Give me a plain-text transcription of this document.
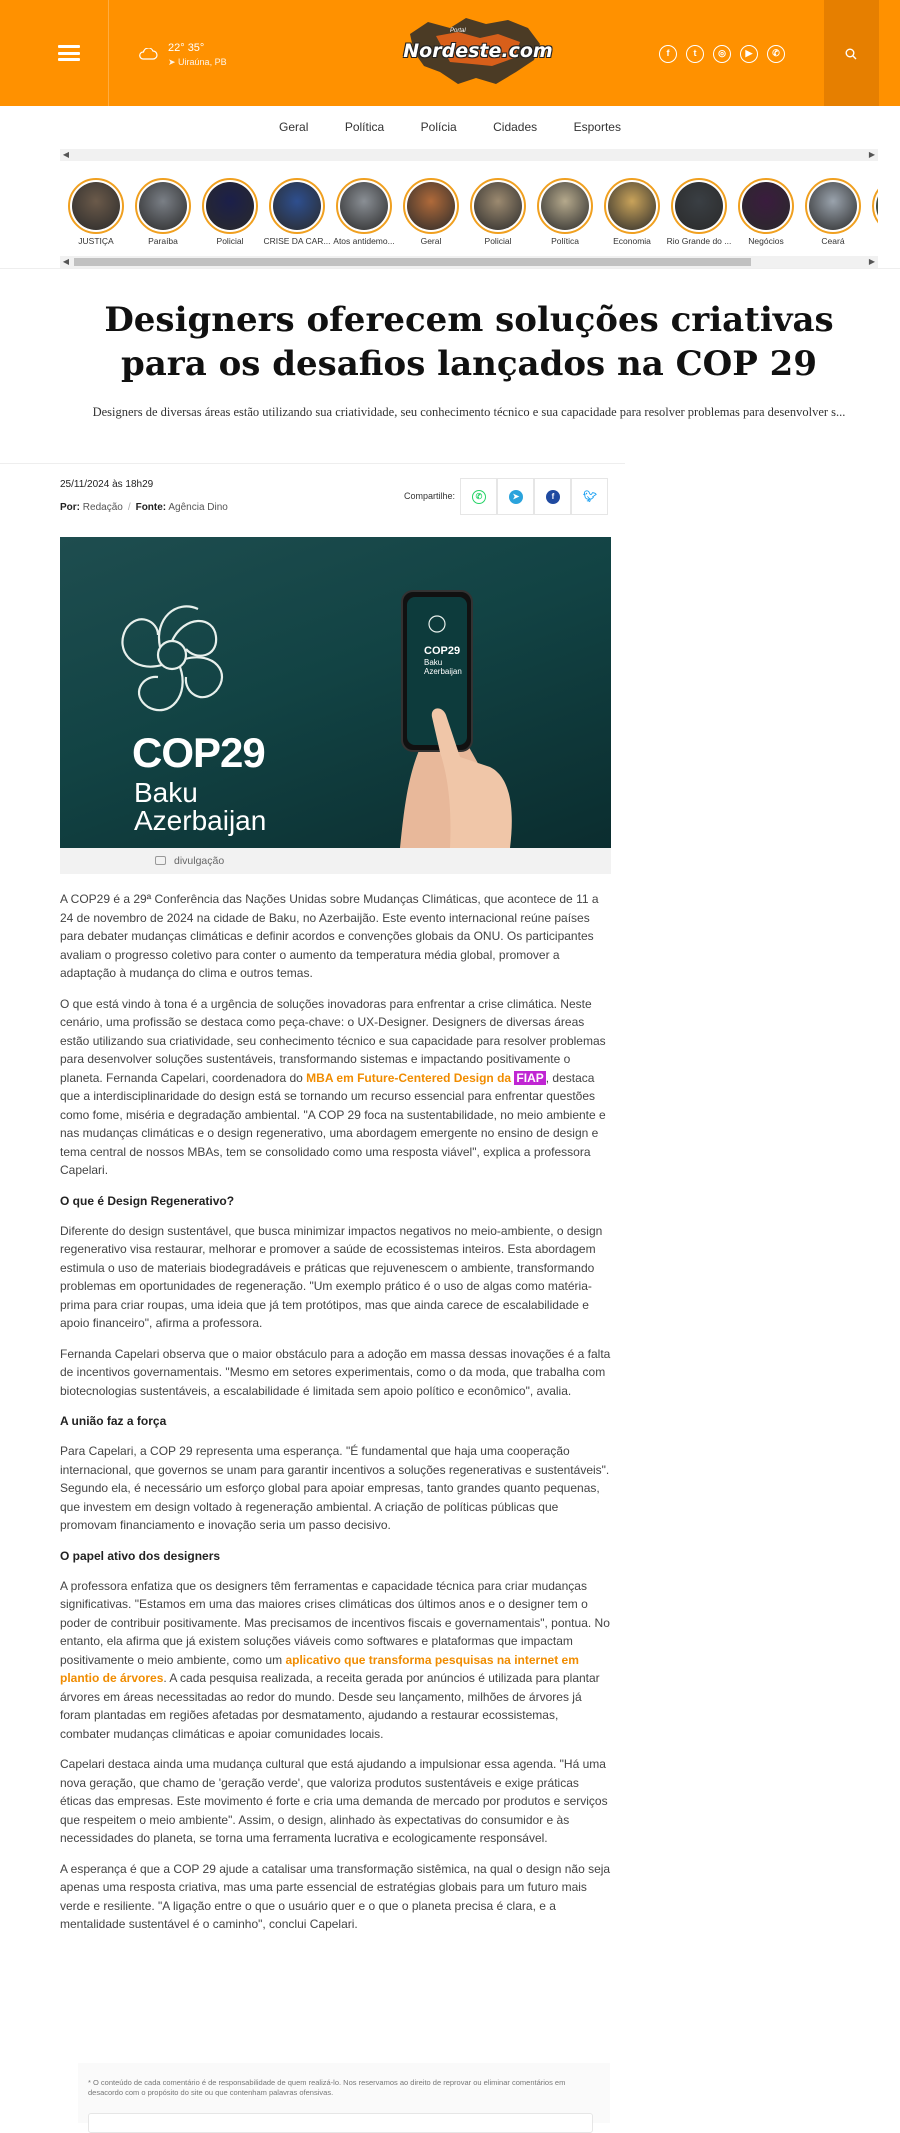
22° 35°
➤ Uiraúna, PB
Portal
Nordeste.com	f	t	◎	▶	✆
Geral	Política	Polícia	Cidades	Esportes
◀	▶
JUSTIÇA	Paraíba	Policial	CRISE DA CAR... Atos antidemo...	Geral	Policial	Política	Economia	Rio Grande do ...	Negócios	Ceará
◀	▶
Designers oferecem soluções criativas para os desafios lançados na COP 29
Designers de diversas áreas estão utilizando sua criatividade, seu conhecimento técnico e sua capacidade para resolver problemas para desenvolver s...
25/11/2024 às 18h29
Por: Redação / Fonte: Agência Dino
Compartilhe:	✆	➤	f	🐦︎
COP29
Baku
Azerbaijan
COP29
Baku
Azerbaijan
divulgação

A COP29 é a 29ª Conferência das Nações Unidas sobre Mudanças Climáticas, que acontece de 11 a 24 de novembro de 2024 na cidade de Baku, no Azerbaijão. Este evento internacional reúne países para debater mudanças climáticas e definir acordos e convenções globais da ONU. Os participantes avaliam o progresso coletivo para conter o aumento da temperatura média global, promover a adaptação à mudança do clima e outros temas.

O que está vindo à tona é a urgência de soluções inovadoras para enfrentar a crise climática. Neste cenário, uma profissão se destaca como peça-chave: o UX-Designer. Designers de diversas áreas estão utilizando sua criatividade, seu conhecimento técnico e sua capacidade para resolver problemas para desenvolver soluções sustentáveis, transformando sistemas e impactando positivamente o planeta. Fernanda Capelari, coordenadora do MBA em Future-Centered Design da FIAP , destaca que a interdisciplinaridade do design está se tornando um recurso essencial para enfrentar questões como fome, miséria e degradação ambiental. "A COP 29 foca na sustentabilidade, no meio ambiente e nas mudanças climáticas e o design regenerativo, uma abordagem emergente no ensino de design e tema central de nossos MBAs, tem se consolidado como uma resposta viável", explica a professora Capelari.

O que é Design Regenerativo?

Diferente do design sustentável, que busca minimizar impactos negativos no meio-ambiente, o design regenerativo visa restaurar, melhorar e promover a saúde de ecossistemas inteiros. Esta abordagem estimula o uso de materiais biodegradáveis e práticas que rejuvenescem o ambiente, transformando problemas em oportunidades de regeneração. "Um exemplo prático é o uso de algas como matéria-prima para criar roupas, uma ideia que já tem protótipos, mas que ainda carece de escalabilidade e apoio financeiro", afirma a professora.

Fernanda Capelari observa que o maior obstáculo para a adoção em massa dessas inovações é a falta de incentivos governamentais. "Mesmo em setores experimentais, como o da moda, que trabalha com biotecnologias sustentáveis, a escalabilidade é limitada sem apoio político e econômico", avalia.

A união faz a força

Para Capelari, a COP 29 representa uma esperança. "É fundamental que haja uma cooperação internacional, que governos se unam para garantir incentivos a soluções regenerativas e sustentáveis". Segundo ela, é necessário um esforço global para apoiar empresas, tanto grandes quanto pequenas, que investem em design voltado à regeneração ambiental. A criação de políticas públicas que promovam financiamento e inovação seria um passo decisivo.

O papel ativo dos designers

A professora enfatiza que os designers têm ferramentas e capacidade técnica para criar mudanças significativas. "Estamos em uma das maiores crises climáticas dos últimos anos e o designer tem o poder de contribuir positivamente. Mas precisamos de incentivos fiscais e governamentais", pontua. No entanto, ela afirma que já existem soluções viáveis como softwares e plataformas que impactam positivamente o meio ambiente, como um aplicativo que transforma pesquisas na internet em plantio de árvores. A cada pesquisa realizada, a receita gerada por anúncios é utilizada para plantar árvores em áreas necessitadas ao redor do mundo. Desde seu lançamento, milhões de árvores já foram plantadas em regiões afetadas por desmatamento, ajudando a restaurar ecossistemas, combater mudanças climáticas e apoiar comunidades locais.

Capelari destaca ainda uma mudança cultural que está ajudando a impulsionar essa agenda. "Há uma nova geração, que chamo de 'geração verde', que valoriza produtos sustentáveis e exige práticas éticas das empresas. Este movimento é forte e cria uma demanda de mercado por produtos e serviços que respeitem o meio ambiente". Assim, o design, alinhado às expectativas do consumidor e às necessidades do planeta, se torna uma ferramenta lucrativa e ecologicamente responsável.

A esperança é que a COP 29 ajude a catalisar uma transformação sistêmica, na qual o design não seja apenas uma resposta criativa, mas uma parte essencial de estratégias globais para um futuro mais verde e resiliente. "A ligação entre o que o usuário quer e o que o planeta precisa é clara, e a mentalidade sustentável é o caminho", conclui Capelari.

* O conteúdo de cada comentário é de responsabilidade de quem realizá-lo. Nos reservamos ao direito de reprovar ou eliminar comentários em desacordo com o propósito do site ou que contenham palavras ofensivas.
